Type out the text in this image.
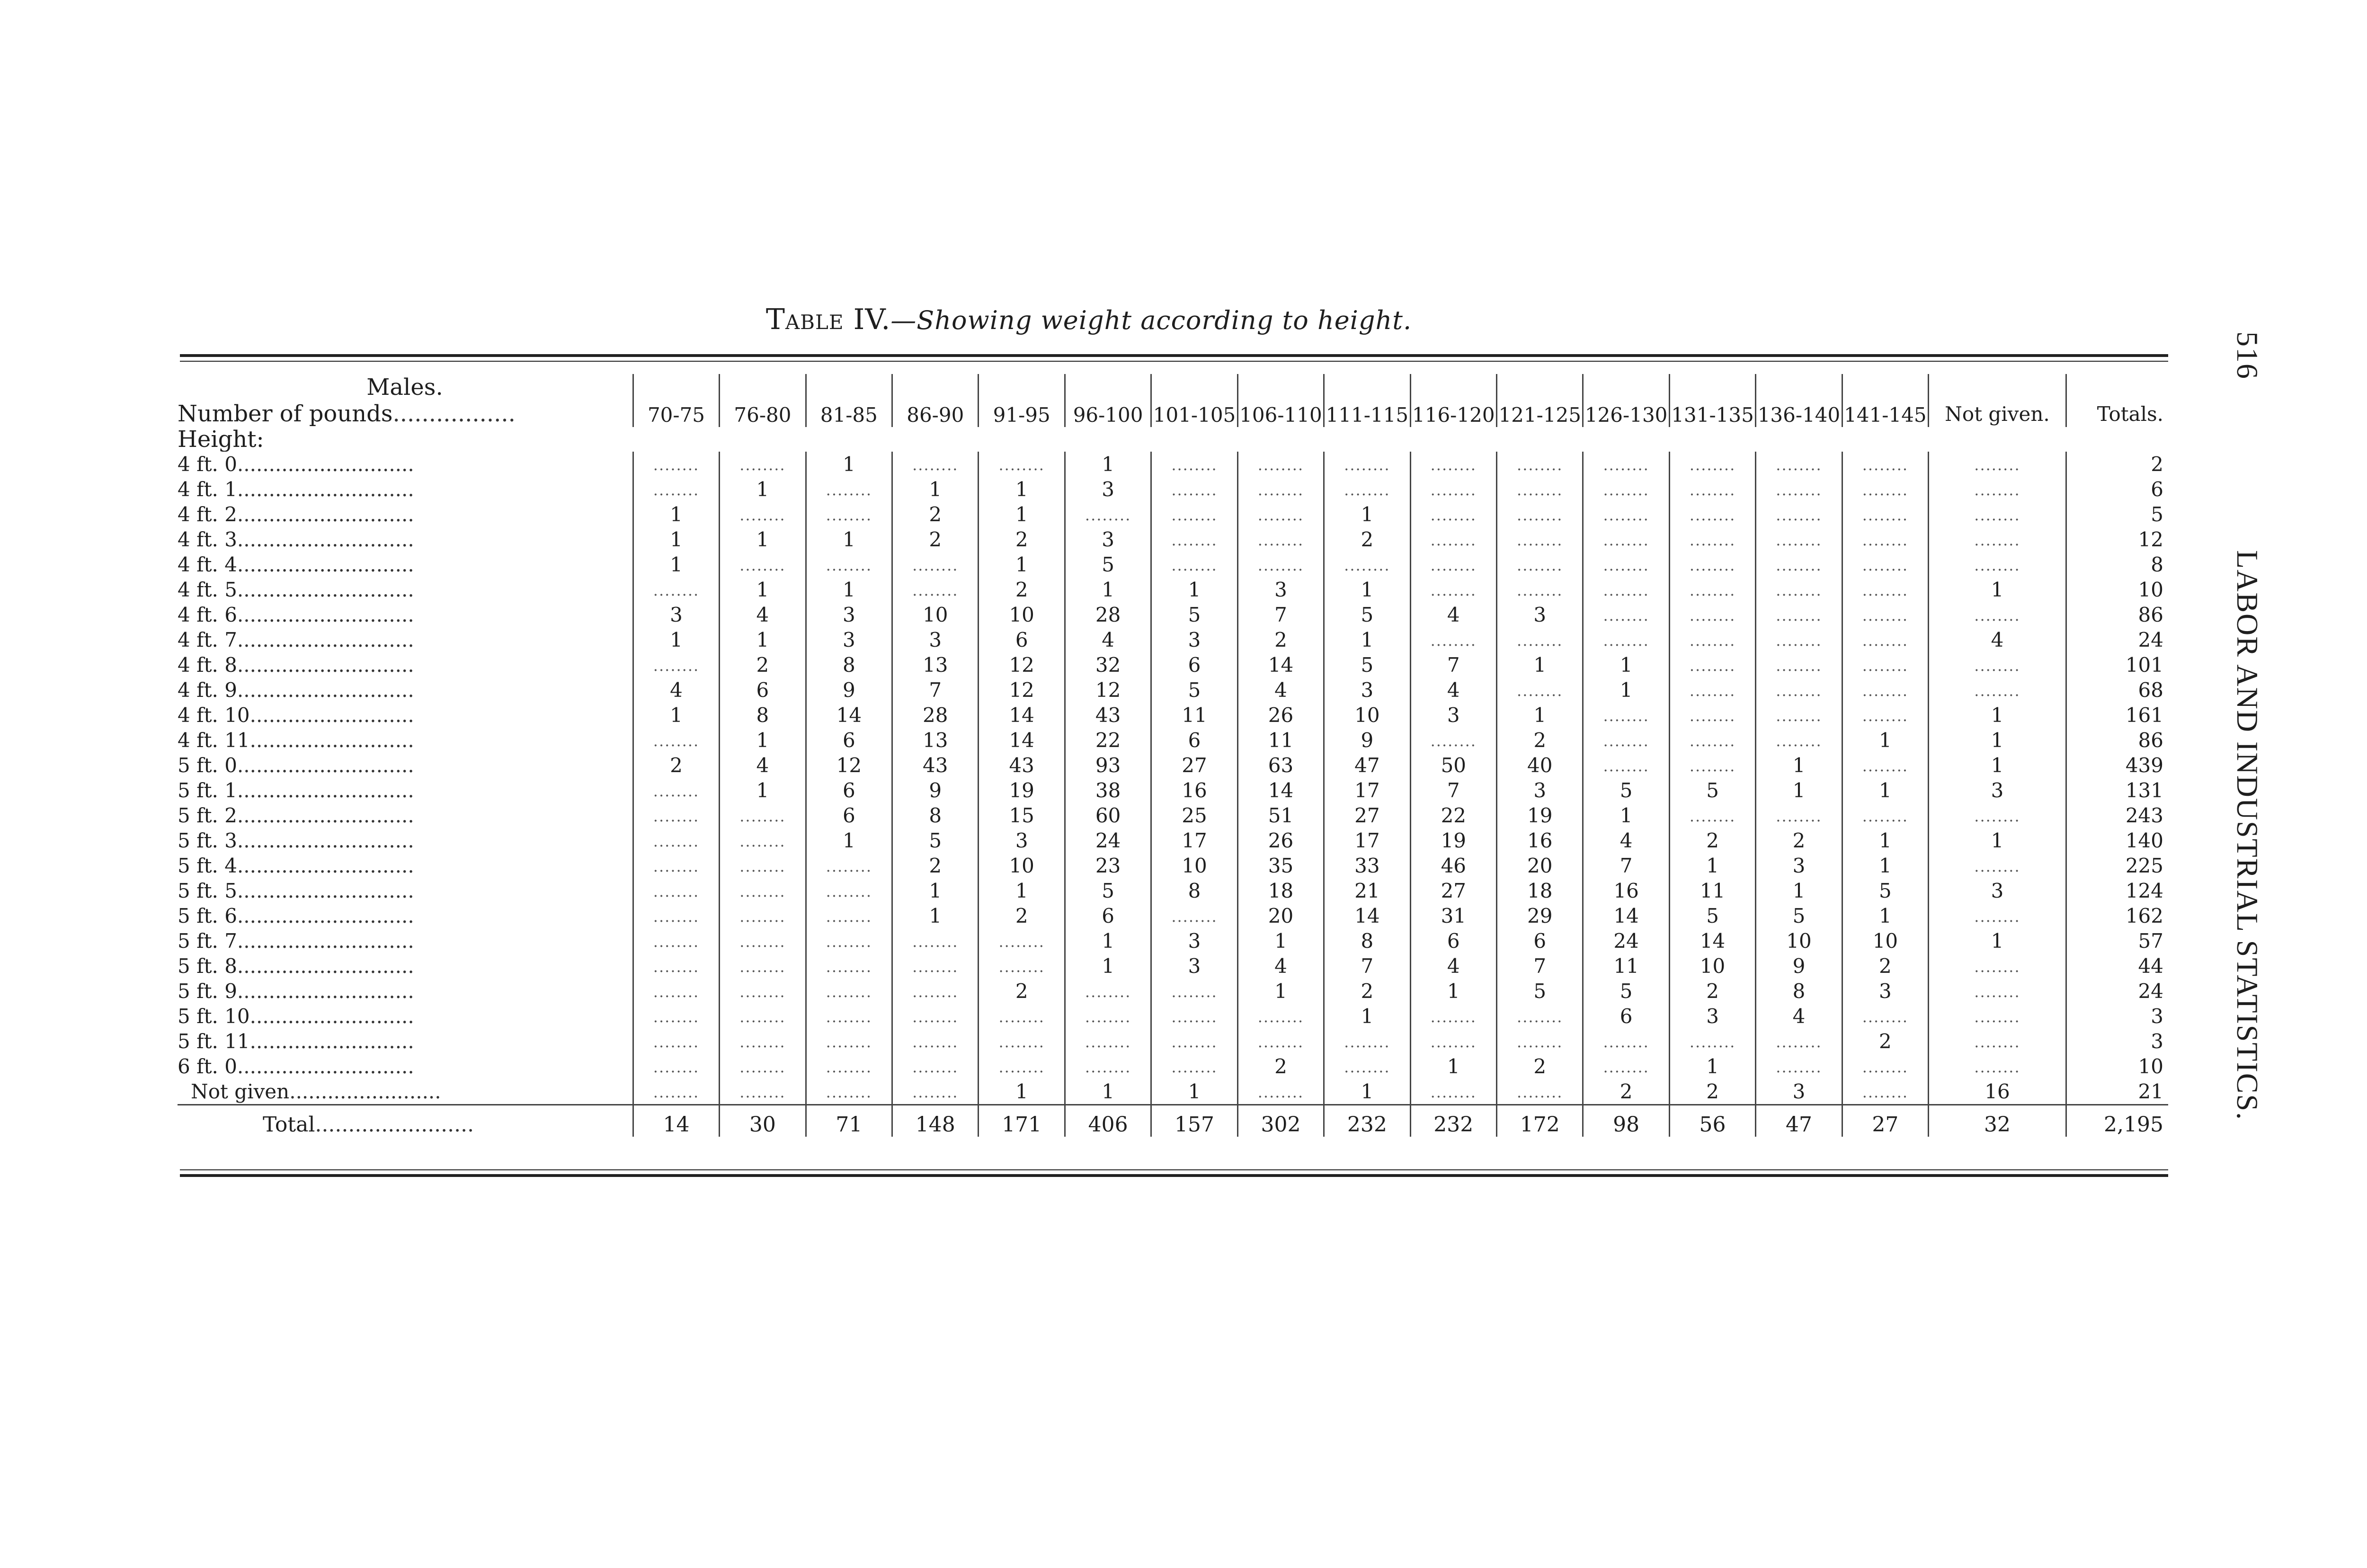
Table IV.—Showing weight according to height.
516LABOR AND INDUSTRIAL STATISTICS.
Males.
Number of pounds.................	70-75	76-80	81-85	86-90	91-95	96-100	101-105	106-110	111-115	116-120	121-125	126-130	131-135	136-140	141-145	Not given.	Totals.
Height:																	
4 ft. 0............................	........	........	1	........	........	1	........	........	........	........	........	........	........	........	........	........	2
4 ft. 1............................	........	1	........	1	1	3	........	........	........	........	........	........	........	........	........	........	6
4 ft. 2............................	1	........	........	2	1	........	........	........	1	........	........	........	........	........	........	........	5
4 ft. 3............................	1	1	1	2	2	3	........	........	2	........	........	........	........	........	........	........	12
4 ft. 4............................	1	........	........	........	1	5	........	........	........	........	........	........	........	........	........	........	8
4 ft. 5............................	........	1	1	........	2	1	1	3	1	........	........	........	........	........	........	1	10
4 ft. 6............................	3	4	3	10	10	28	5	7	5	4	3	........	........	........	........	........	86
4 ft. 7............................	1	1	3	3	6	4	3	2	1	........	........	........	........	........	........	4	24
4 ft. 8............................	........	2	8	13	12	32	6	14	5	7	1	1	........	........	........	........	101
4 ft. 9............................	4	6	9	7	12	12	5	4	3	4	........	1	........	........	........	........	68
4 ft. 10..........................	1	8	14	28	14	43	11	26	10	3	1	........	........	........	........	1	161
4 ft. 11..........................	........	1	6	13	14	22	6	11	9	........	2	........	........	........	1	1	86
5 ft. 0............................	2	4	12	43	43	93	27	63	47	50	40	........	........	1	........	1	439
5 ft. 1............................	........	1	6	9	19	38	16	14	17	7	3	5	5	1	1	3	131
5 ft. 2............................	........	........	6	8	15	60	25	51	27	22	19	1	........	........	........	........	243
5 ft. 3............................	........	........	1	5	3	24	17	26	17	19	16	4	2	2	1	1	140
5 ft. 4............................	........	........	........	2	10	23	10	35	33	46	20	7	1	3	1	........	225
5 ft. 5............................	........	........	........	1	1	5	8	18	21	27	18	16	11	1	5	3	124
5 ft. 6............................	........	........	........	1	2	6	........	20	14	31	29	14	5	5	1	........	162
5 ft. 7............................	........	........	........	........	........	1	3	1	8	6	6	24	14	10	10	1	57
5 ft. 8............................	........	........	........	........	........	1	3	4	7	4	7	11	10	9	2	........	44
5 ft. 9............................	........	........	........	........	2	........	........	1	2	1	5	5	2	8	3	........	24
5 ft. 10..........................	........	........	........	........	........	........	........	........	1	........	........	6	3	4	........	........	3
5 ft. 11..........................	........	........	........	........	........	........	........	........	........	........	........	........	........	........	2	........	3
6 ft. 0............................	........	........	........	........	........	........	........	2	........	1	2	........	1	........	........	........	10
Not given........................	........	........	........	........	1	1	1	........	1	........	........	2	2	3	........	16	21
Total........................	14	30	71	148	171	406	157	302	232	232	172	98	56	47	27	32	2,195
